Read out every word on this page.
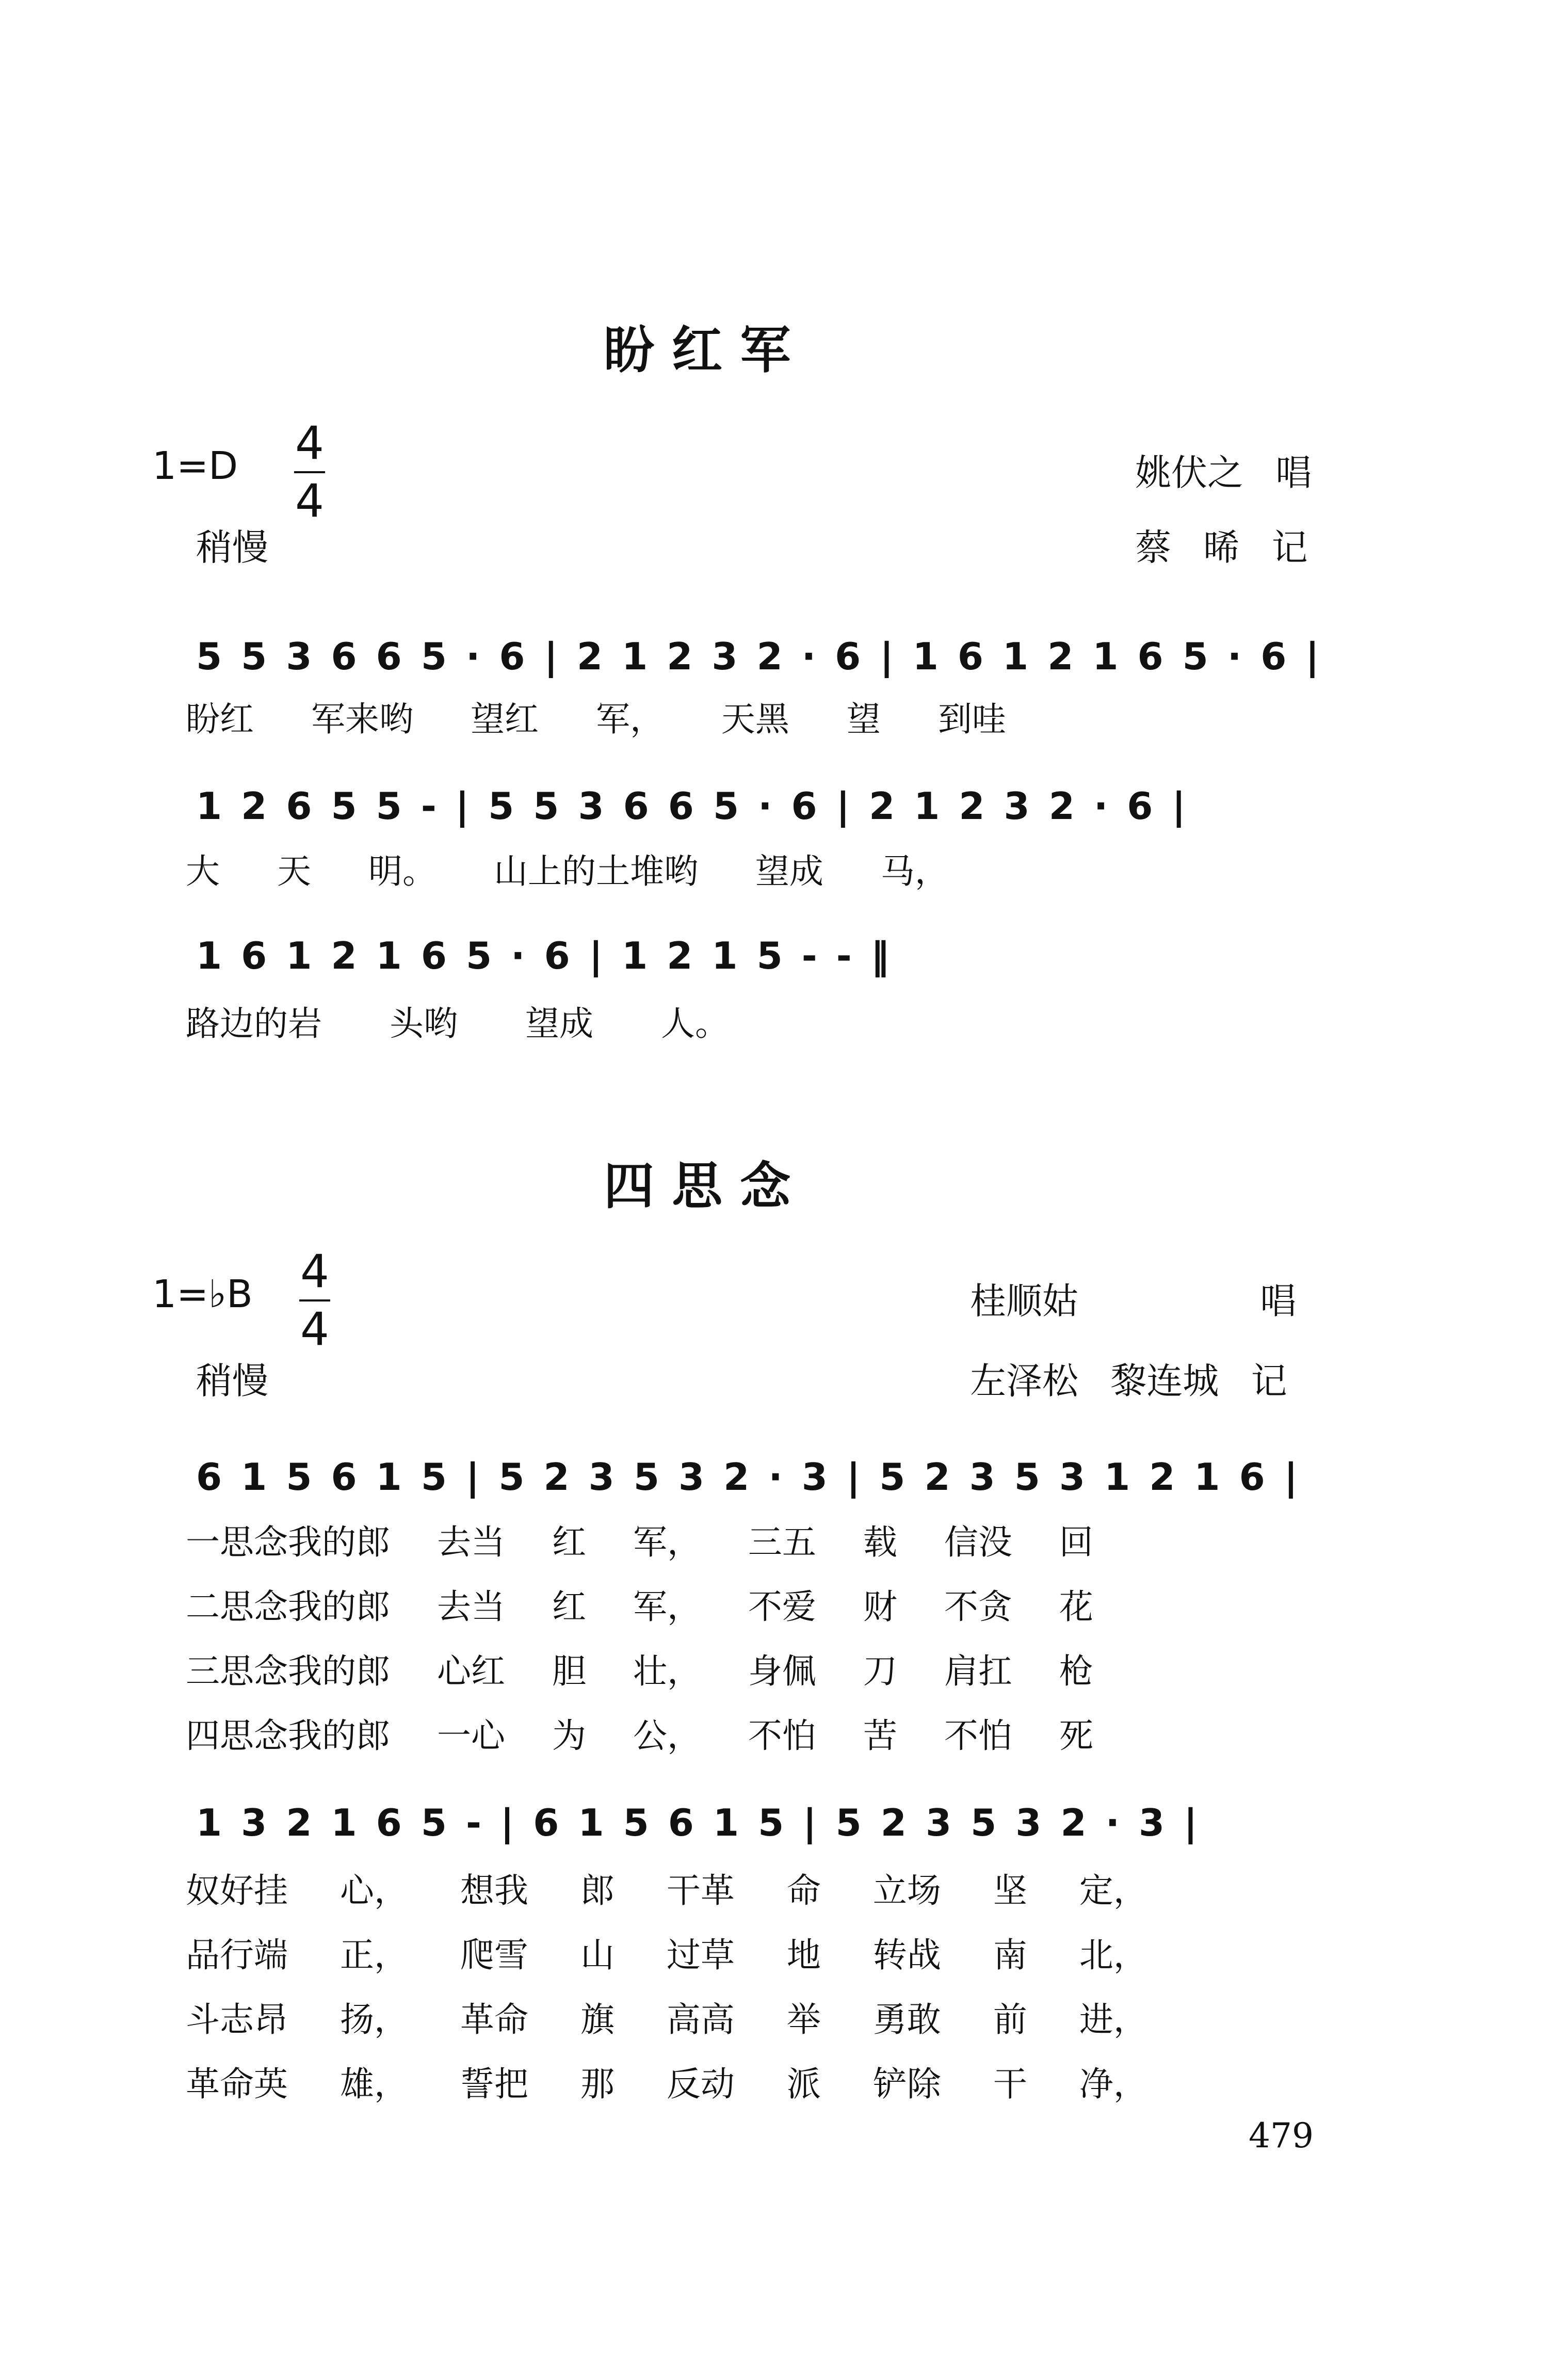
盼 红 军
1=D 4
4
姚伏之 唱
稍慢	蔡 晞 记
5 5 3 6 6 5 · 6 | 2 1 2 3 2 · 6 | 1 6 1 2 1 6 5 · 6 |
盼红 军来哟 望红 军， 天黑 望 到哇
1 2 6 5 5 - | 5 5 3 6 6 5 · 6 | 2 1 2 3 2 · 6 |
大 天 明。 山上的土堆哟 望成 马，
1 6 1 2 1 6 5 · 6 | 1 2 1 5 - - ‖
路边的岩 头哟 望成 人。
四 思 念
1=♭B 4
4
桂顺姑 唱
稍慢	左泽松 黎连城 记
6 1 5 6 1 5 | 5 2 3 5 3 2 · 3 | 5 2 3 5 3 1 2 1 6 |
一思念我的郎 去当 红 军， 三五 载 信没 回
二思念我的郎 去当 红 军， 不爱 财 不贪 花
三思念我的郎 心红 胆 壮， 身佩 刀 肩扛 枪
四思念我的郎 一心 为 公， 不怕 苦 不怕 死
1 3 2 1 6 5 - | 6 1 5 6 1 5 | 5 2 3 5 3 2 · 3 |
奴好挂 心， 想我 郎 干革 命 立场 坚 定，
品行端 正， 爬雪 山 过草 地 转战 南 北，
斗志昂 扬， 革命 旗 高高 举 勇敢 前 进，
革命英 雄， 誓把 那 反动 派 铲除 干 净，
479
